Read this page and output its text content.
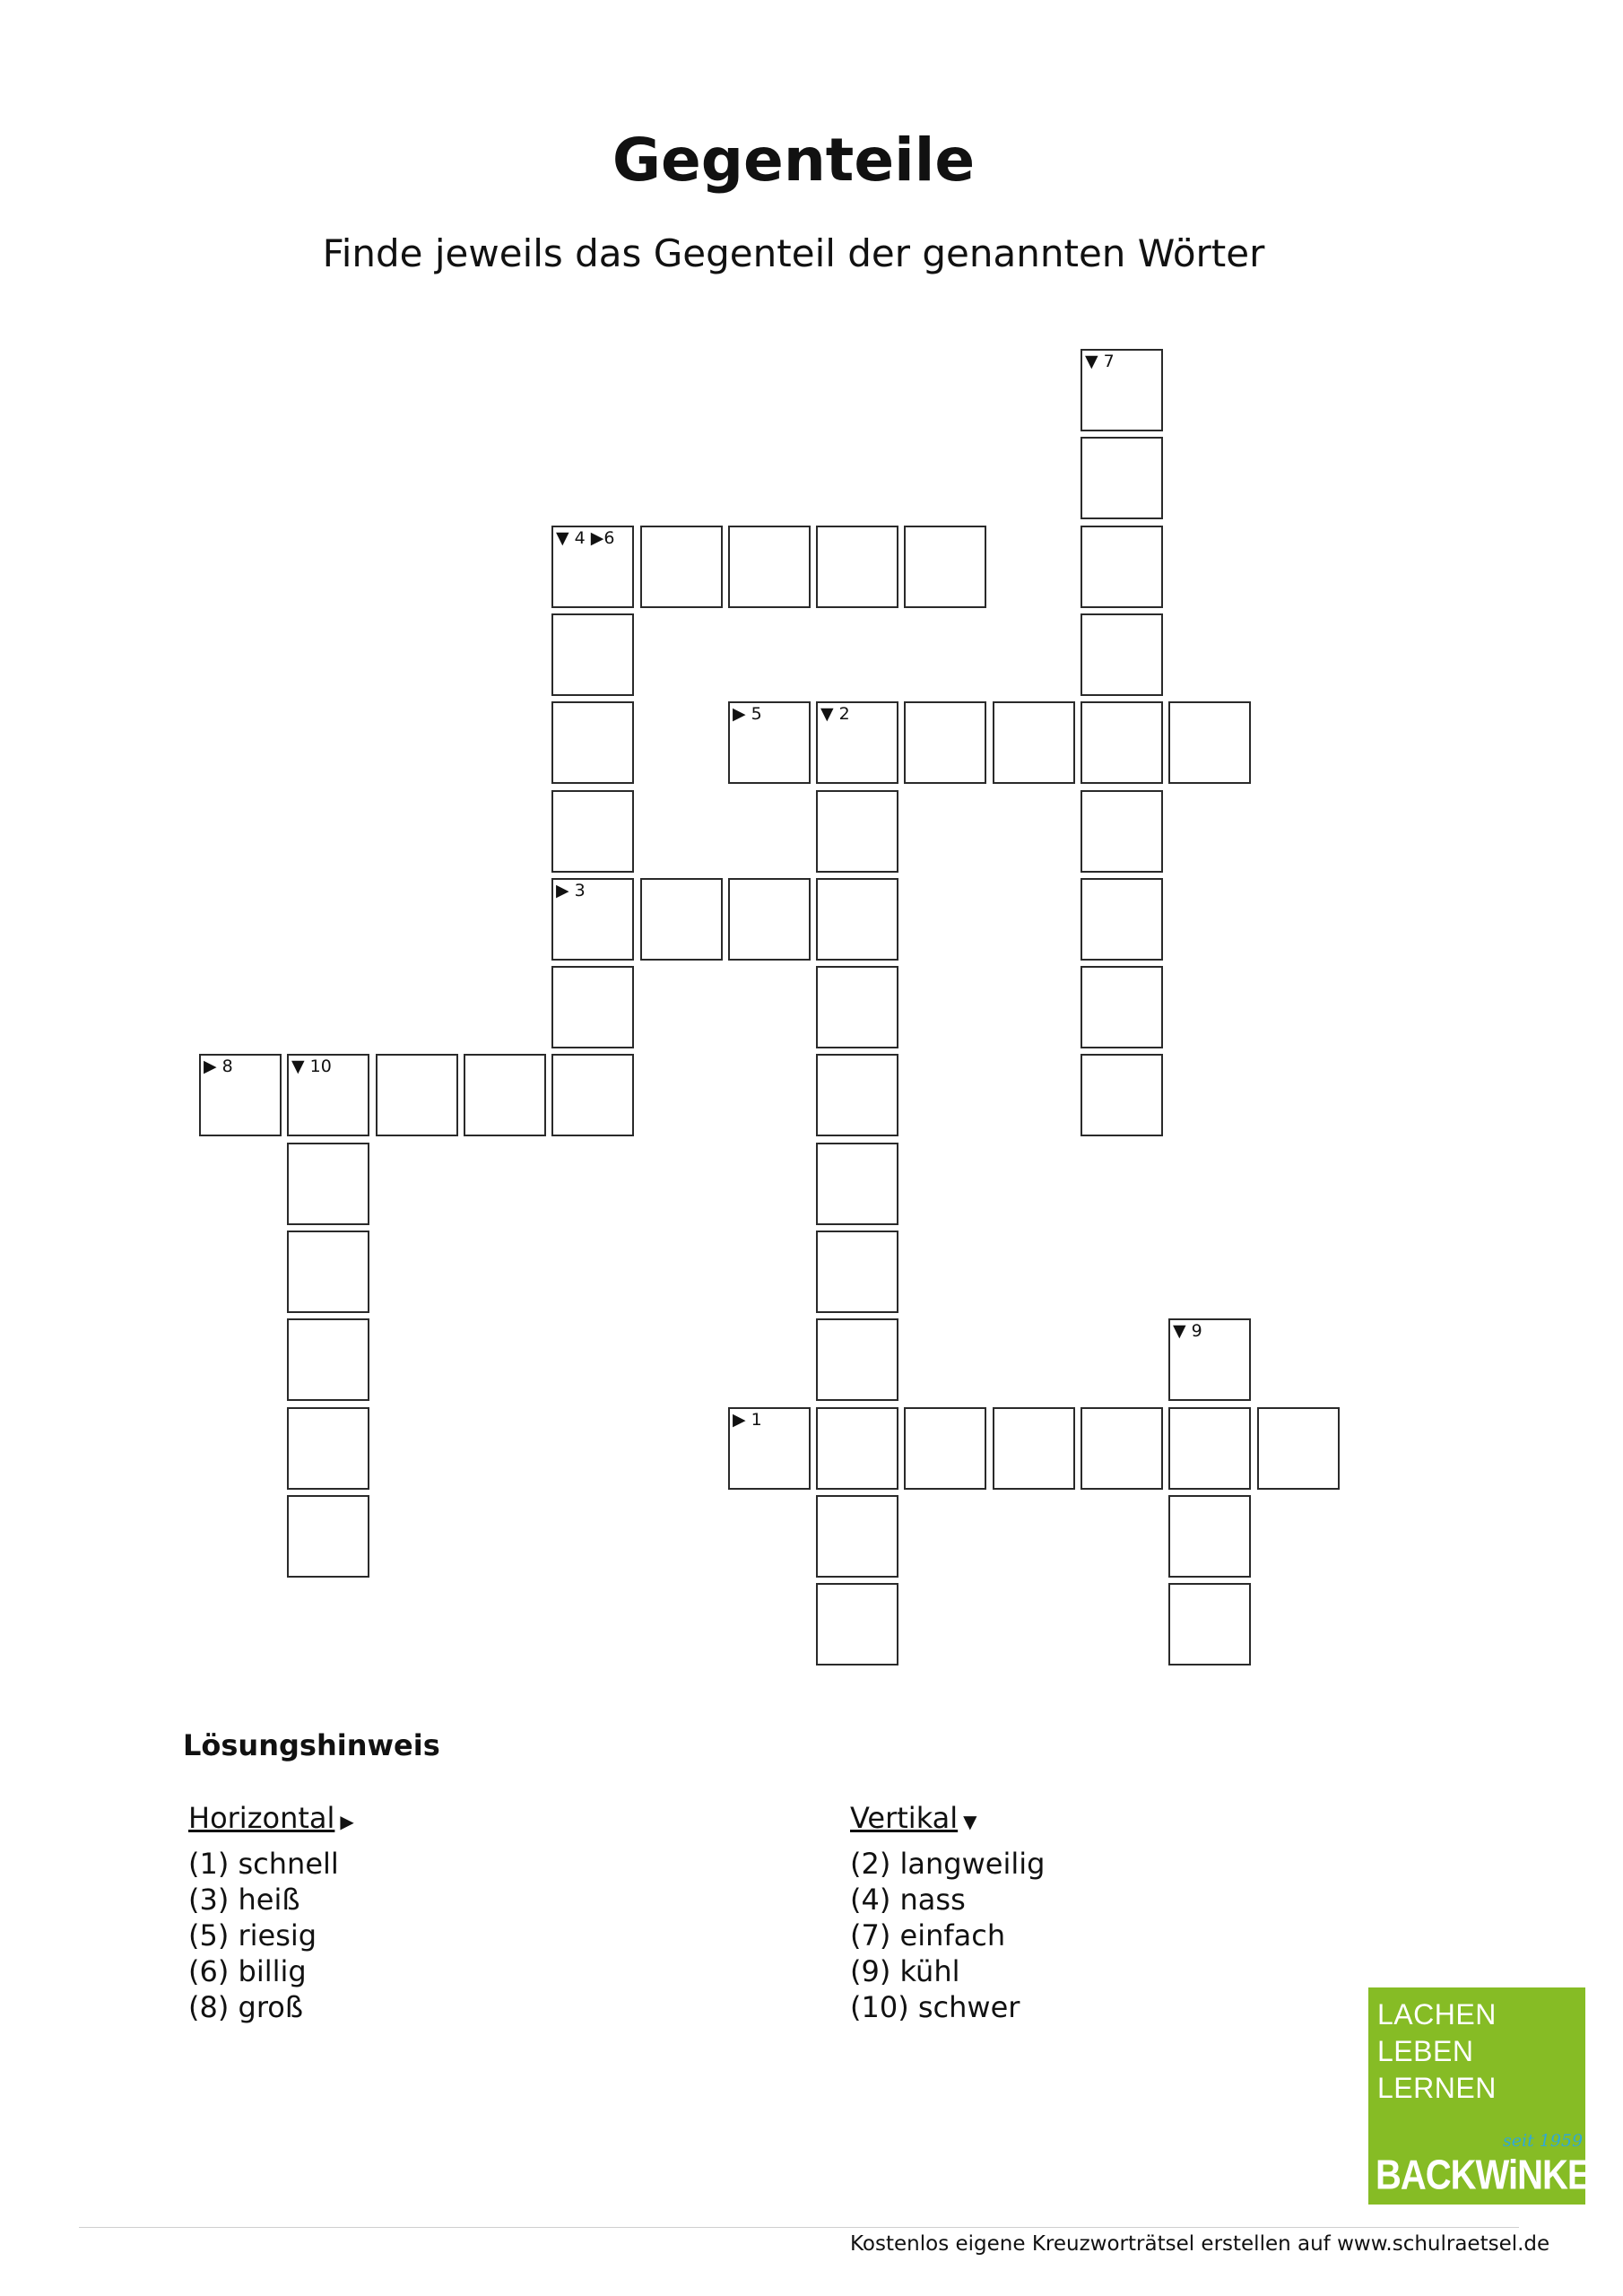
Gegenteile

Finde jeweils das Gegenteil der genannten Wörter

▼ 7
▼ 4 ▶6
▶ 5	▼ 2
▶ 3
▶ 8	▼ 10
▼ 9
▶ 1
Lösungshinweis
Horizontal ▶
(1) schnell
(3) heiß
(5) riesig
(6) billig
(8) groß
Vertikal ▼
(2) langweilig
(4) nass
(7) einfach
(9) kühl
(10) schwer	LACHEN
LEBEN
LERNEN
seit 1959
BACKWiNKEL
Kostenlos eigene Kreuzworträtsel erstellen auf www.schulraetsel.de
